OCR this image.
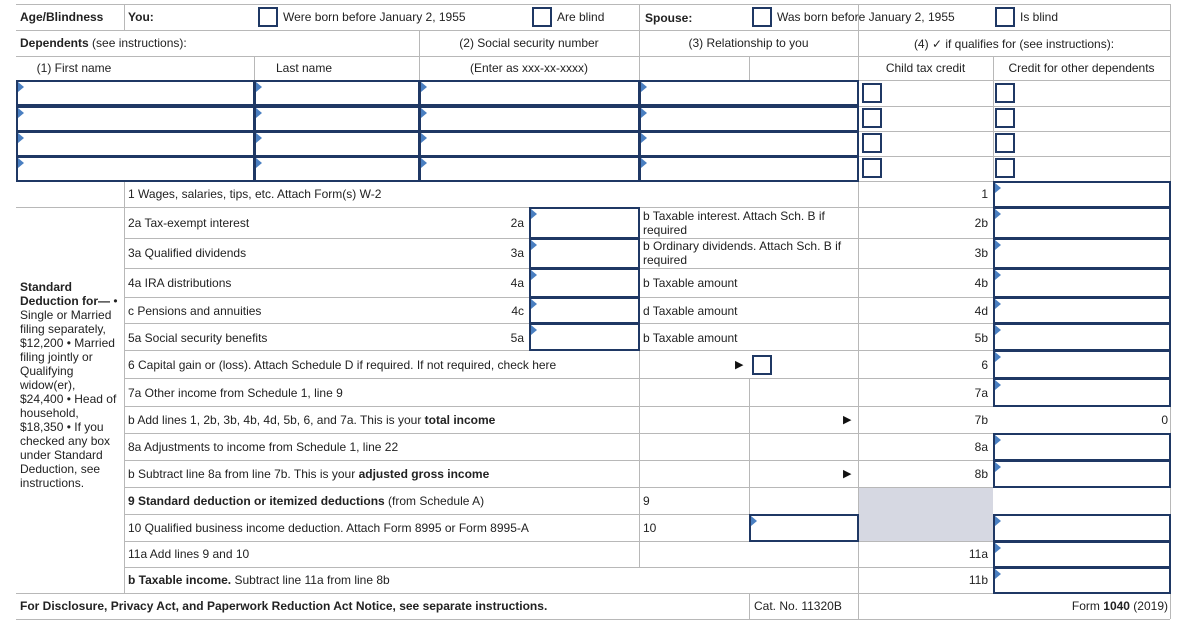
Age/Blindness You:	Were born before January 2, 1955	Are blind	Spouse:	Was born before January 2, 1955	Is blind
Dependents (see instructions):	(2) Social security number	(3) Relationship to you	(4) ✓ if qualifies for (see instructions):
(1) First name	Last name	(Enter as xxx-xx-xxxx)	Child tax credit	Credit for other dependents
Standard Deduction for— • Single or Married filing separately, $12,200 • Married filing jointly or Qualifying widow(er), $24,400 • Head of household, $18,350 • If you checked any box under Standard Deduction, see instructions.
1 Wages, salaries, tips, etc. Attach Form(s) W-2	1
2a Tax-exempt interest	2a	b Taxable interest. Attach Sch. B if required	2b
3a Qualified dividends	3a	b Ordinary dividends. Attach Sch. B if required	3b
4a IRA distributions	4a	b Taxable amount	4b
c Pensions and annuities	4c	d Taxable amount	4d
5a Social security benefits	5a	b Taxable amount	5b
6 Capital gain or (loss). Attach Schedule D if required. If not required, check here	▶	6
7a Other income from Schedule 1, line 9	7a
b Add lines 1, 2b, 3b, 4b, 4d, 5b, 6, and 7a. This is your total income	▶	7b	0
8a Adjustments to income from Schedule 1, line 22	8a
b Subtract line 8a from line 7b. This is your adjusted gross income	▶	8b
9 Standard deduction or itemized deductions (from Schedule A)	9
10 Qualified business income deduction. Attach Form 8995 or Form 8995-A	10
11a Add lines 9 and 10	11a
b Taxable income. Subtract line 11a from line 8b	11b
For Disclosure, Privacy Act, and Paperwork Reduction Act Notice, see separate instructions.	Cat. No. 11320B	Form 1040 (2019)
